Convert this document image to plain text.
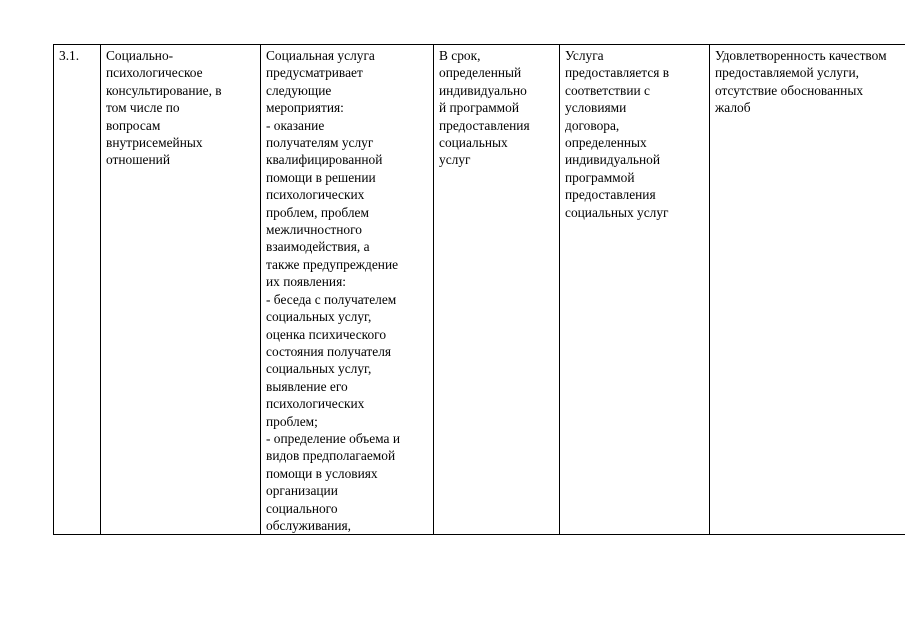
3.1.	Социально-
психологическое
консультирование, в
том числе по
вопросам
внутрисемейных
отношений	Социальная услуга
предусматривает
следующие
мероприятия:
- оказание
получателям услуг
квалифицированной
помощи в решении
психологических
проблем, проблем
межличностного
взаимодействия, а
также предупреждение
их появления:
- беседа с получателем
социальных услуг,
оценка психического
состояния получателя
социальных услуг,
выявление его
психологических
проблем;
- определение объема и
видов предполагаемой
помощи в условиях
организации
социального
обслуживания,	В срок,
определенный
индивидуально
й программой
предоставления
социальных
услуг	Услуга
предоставляется в
соответствии с
условиями
договора,
определенных
индивидуальной
программой
предоставления
социальных услуг	Удовлетворенность качеством
предоставляемой услуги,
отсутствие обоснованных
жалоб
